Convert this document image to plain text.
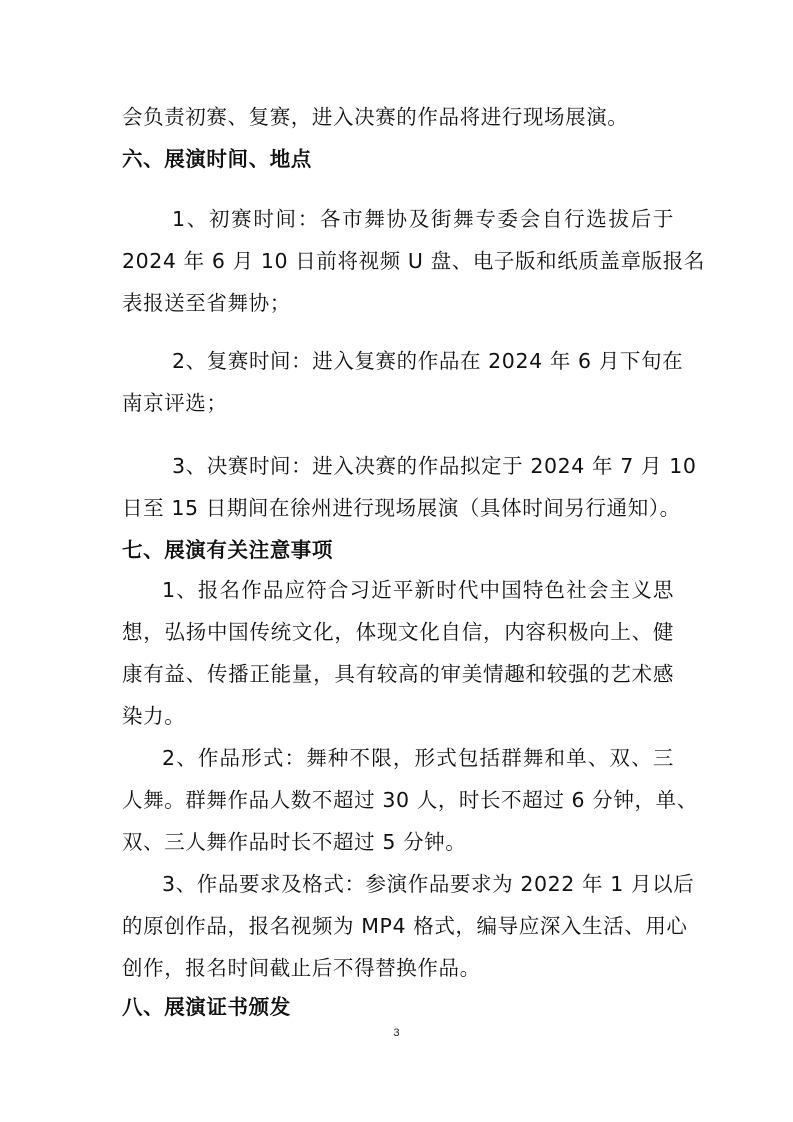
会负责初赛、复赛，进入决赛的作品将进行现场展演。
六、展演时间、地点
1、初赛时间：各市舞协及街舞专委会自行选拔后于
2024 年 6 月 10 日前将视频 U 盘、电子版和纸质盖章版报名
表报送至省舞协；
2、复赛时间：进入复赛的作品在 2024 年 6 月下旬在
南京评选；
3、决赛时间：进入决赛的作品拟定于 2024 年 7 月 10
日至 15 日期间在徐州进行现场展演（具体时间另行通知）。
七、展演有关注意事项
1、报名作品应符合习近平新时代中国特色社会主义思
想，弘扬中国传统文化，体现文化自信，内容积极向上、健
康有益、传播正能量，具有较高的审美情趣和较强的艺术感
染力。
2、作品形式：舞种不限，形式包括群舞和单、双、三
人舞。群舞作品人数不超过 30 人，时长不超过 6 分钟，单、
双、三人舞作品时长不超过 5 分钟。
3、作品要求及格式：参演作品要求为 2022 年 1 月以后
的原创作品，报名视频为 MP4 格式，编导应深入生活、用心
创作，报名时间截止后不得替换作品。
八、展演证书颁发
3
